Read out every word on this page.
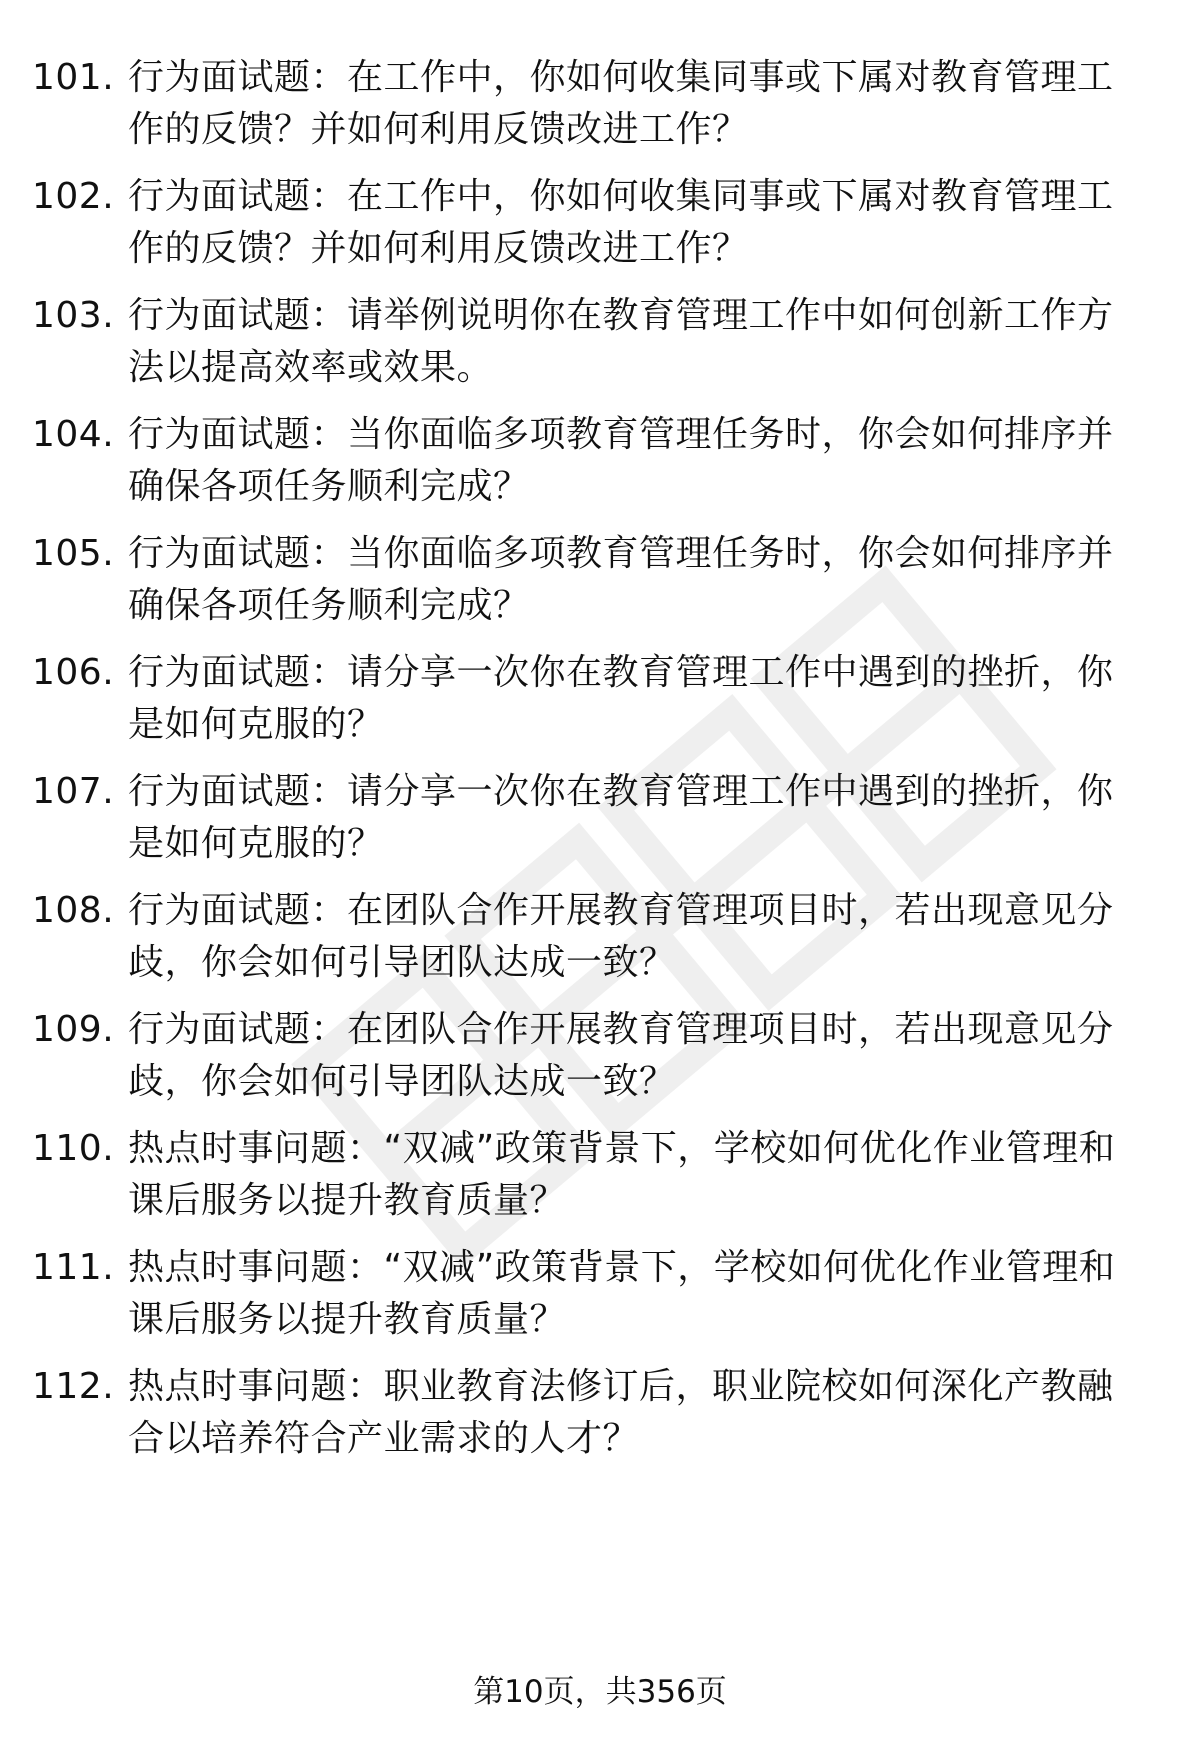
101. 行为面试题：在工作中，你如何收集同事或下属对教育管理工作的反馈？并如何利用反馈改进工作？
102. 行为面试题：在工作中，你如何收集同事或下属对教育管理工作的反馈？并如何利用反馈改进工作？
103. 行为面试题：请举例说明你在教育管理工作中如何创新工作方法以提高效率或效果。
104. 行为面试题：当你面临多项教育管理任务时，你会如何排序并确保各项任务顺利完成？
105. 行为面试题：当你面临多项教育管理任务时，你会如何排序并确保各项任务顺利完成？
106. 行为面试题：请分享一次你在教育管理工作中遇到的挫折，你是如何克服的？
107. 行为面试题：请分享一次你在教育管理工作中遇到的挫折，你是如何克服的？
108. 行为面试题：在团队合作开展教育管理项目时，若出现意见分歧，你会如何引导团队达成一致？
109. 行为面试题：在团队合作开展教育管理项目时，若出现意见分歧，你会如何引导团队达成一致？
110. 热点时事问题：“双减”政策背景下，学校如何优化作业管理和课后服务以提升教育质量？
111. 热点时事问题：“双减”政策背景下，学校如何优化作业管理和课后服务以提升教育质量？
112. 热点时事问题：职业教育法修订后，职业院校如何深化产教融合以培养符合产业需求的人才？
第10页，共356页
